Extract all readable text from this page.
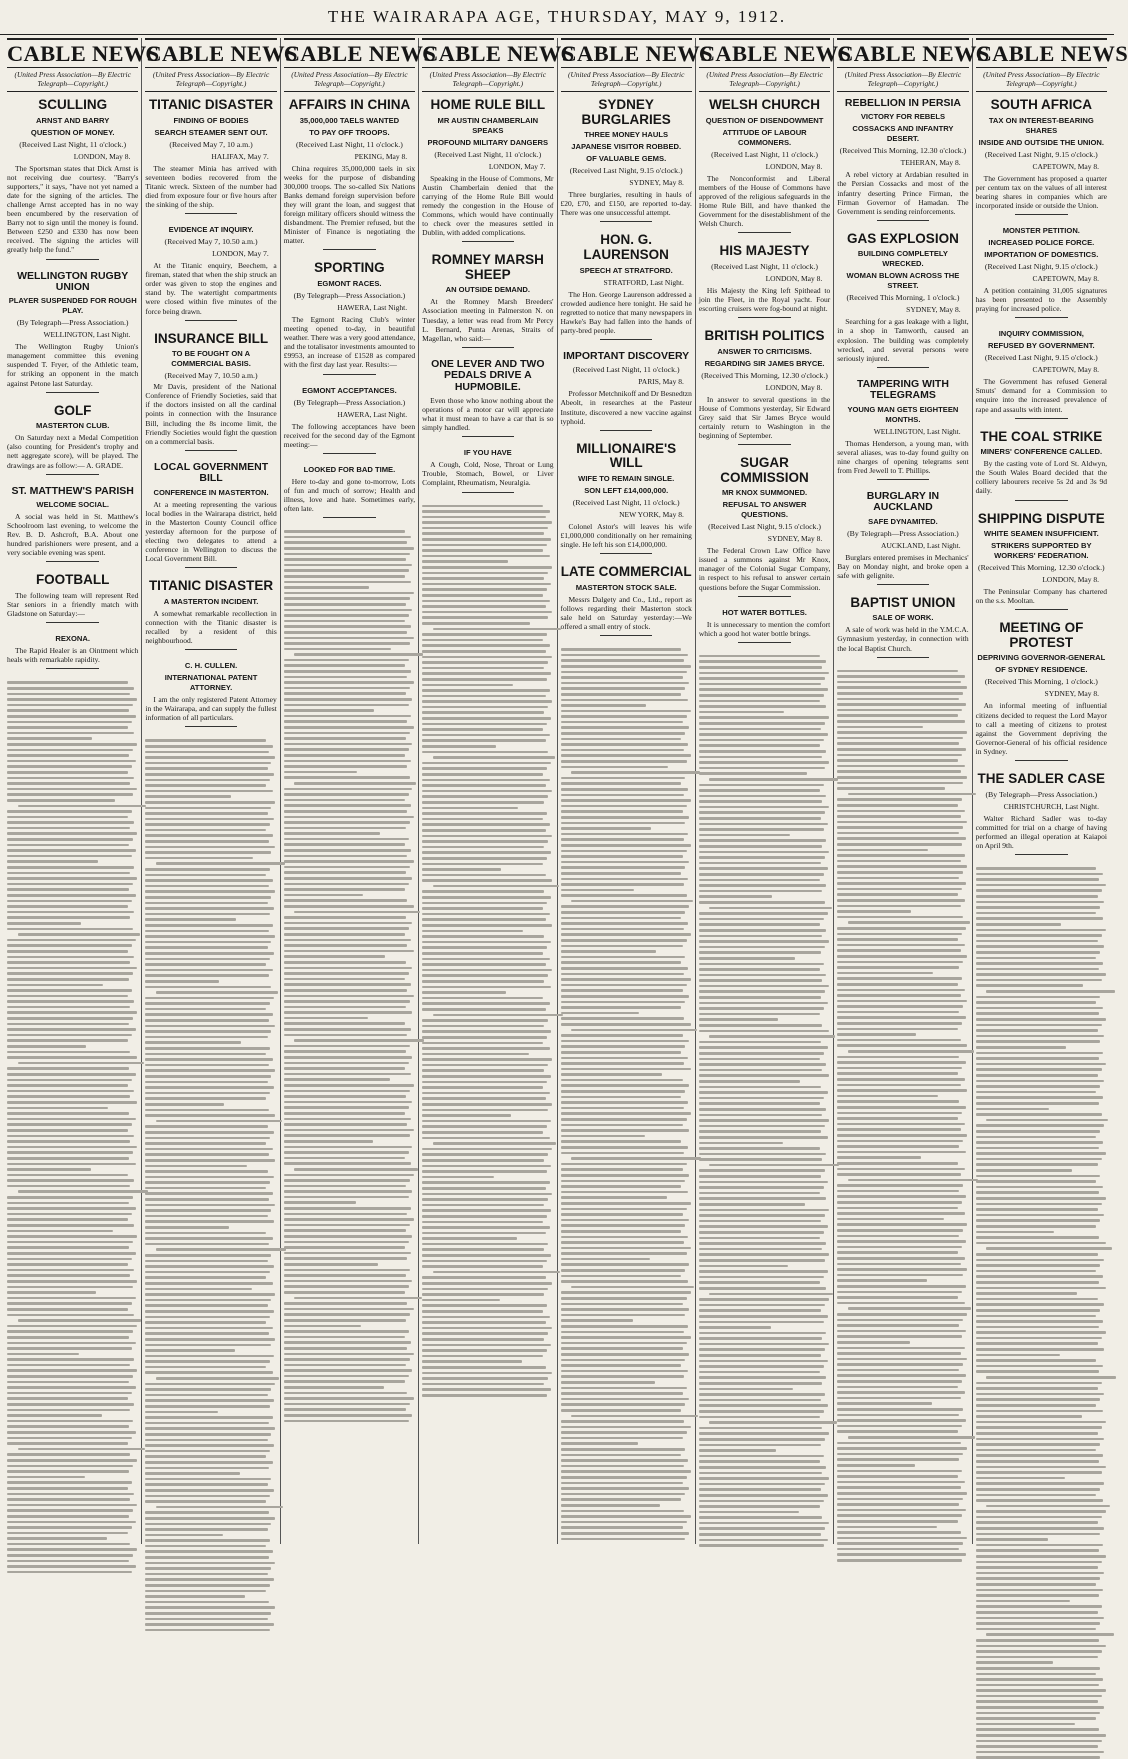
THE WAIRARAPA AGE, THURSDAY, MAY 9, 1912.
CABLE NEWS
(United Press Association—By Electric Telegraph—Copyright.)
SCULLING
ARNST AND BARRY
QUESTION OF MONEY.
(Received Last Night, 11 o'clock.)
LONDON, May 8.
The Sportsman states that Dick Arnst is not receiving due courtesy. "Barry's supporters," it says, "have not yet named a date for the signing of the articles. The challenge Arnst accepted has in no way been encumbered by the reservation of Barry not to sign until the money is found. Between £250 and £330 has now been received. The signing the articles will greatly help the fund."
WELLINGTON RUGBY UNION
PLAYER SUSPENDED FOR ROUGH PLAY.
(By Telegraph—Press Association.)
WELLINGTON, Last Night.
The Wellington Rugby Union's management committee this evening suspended T. Fryer, of the Athletic team, for striking an opponent in the match against Petone last Saturday.
GOLF
MASTERTON CLUB.
On Saturday next a Medal Competition (also counting for President's trophy and nett aggregate score), will be played. The drawings are as follow:— A. GRADE.
ST. MATTHEW'S PARISH
WELCOME SOCIAL.
A social was held in St. Matthew's Schoolroom last evening, to welcome the Rev. B. D. Ashcroft, B.A. About one hundred parishioners were present, and a very sociable evening was spent.
FOOTBALL
The following team will represent Red Star seniors in a friendly match with Gladstone on Saturday:—
REXONA.
The Rapid Healer is an Ointment which heals with remarkable rapidity.
CABLE NEWS
(United Press Association—By Electric Telegraph—Copyright.)
TITANIC DISASTER
FINDING OF BODIES
SEARCH STEAMER SENT OUT.
(Received May 7, 10 a.m.)
HALIFAX, May 7.
The steamer Minia has arrived with seventeen bodies recovered from the Titanic wreck. Sixteen of the number had died from exposure four or five hours after the sinking of the ship.
EVIDENCE AT INQUIRY.
(Received May 7, 10.50 a.m.)
LONDON, May 7.
At the Titanic enquiry, Beechem, a fireman, stated that when the ship struck an order was given to stop the engines and stand by. The watertight compartments were closed within five minutes of the force being drawn.
INSURANCE BILL
TO BE FOUGHT ON A COMMERCIAL BASIS.
(Received May 7, 10.50 a.m.)
Mr Davis, president of the National Conference of Friendly Societies, said that if the doctors insisted on all the cardinal points in connection with the Insurance Bill, including the 8s income limit, the Friendly Societies would fight the question on a commercial basis.
LOCAL GOVERNMENT BILL
CONFERENCE IN MASTERTON.
At a meeting representing the various local bodies in the Wairarapa district, held in the Masterton County Council office yesterday afternoon for the purpose of electing two delegates to attend a conference in Wellington to discuss the Local Government Bill.
TITANIC DISASTER
A MASTERTON INCIDENT.
A somewhat remarkable recollection in connection with the Titanic disaster is recalled by a resident of this neighbourhood.
C. H. CULLEN.
INTERNATIONAL PATENT ATTORNEY.
I am the only registered Patent Attorney in the Wairarapa, and can supply the fullest information of all particulars.
CABLE NEWS
(United Press Association—By Electric Telegraph—Copyright.)
AFFAIRS IN CHINA
35,000,000 TAELS WANTED
TO PAY OFF TROOPS.
(Received Last Night, 11 o'clock.)
PEKING, May 8.
China requires 35,000,000 taels in six weeks for the purpose of disbanding 300,000 troops. The so-called Six Nations Banks demand foreign supervision before they will grant the loan, and suggest that foreign military officers should witness the disbandment. The Premier refused, but the Minister of Finance is negotiating the matter.
SPORTING
EGMONT RACES.
(By Telegraph—Press Association.)
HAWERA, Last Night.
The Egmont Racing Club's winter meeting opened to-day, in beautiful weather. There was a very good attendance, and the totalisator investments amounted to £9953, an increase of £1528 as compared with the first day last year. Results:—
EGMONT ACCEPTANCES.
(By Telegraph—Press Association.)
HAWERA, Last Night.
The following acceptances have been received for the second day of the Egmont meeting:—
LOOKED FOR BAD TIME.
Here to-day and gone to-morrow, Lots of fun and much of sorrow; Health and illness, love and hate. Sometimes early, often late.
CABLE NEWS
(United Press Association—By Electric Telegraph—Copyright.)
HOME RULE BILL
MR AUSTIN CHAMBERLAIN SPEAKS
PROFOUND MILITARY DANGERS
(Received Last Night, 11 o'clock.)
LONDON, May 7.
Speaking in the House of Commons, Mr Austin Chamberlain denied that the carrying of the Home Rule Bill would remedy the congestion in the House of Commons, which would have continually to check over the measures settled in Dublin, with added complications.
ROMNEY MARSH SHEEP
AN OUTSIDE DEMAND.
At the Romney Marsh Breeders' Association meeting in Palmerston N. on Tuesday, a letter was read from Mr Percy L. Bernard, Punta Arenas, Straits of Magellan, who said:—
ONE LEVER AND TWO PEDALS DRIVE A HUPMOBILE.
Even those who know nothing about the operations of a motor car will appreciate what it must mean to have a car that is so simply handled.
IF YOU HAVE
A Cough, Cold, Nose, Throat or Lung Trouble, Stomach, Bowel, or Liver Complaint, Rheumatism, Neuralgia.
CABLE NEWS
(United Press Association—By Electric Telegraph—Copyright.)
SYDNEY BURGLARIES
THREE MONEY HAULS
JAPANESE VISITOR ROBBED.
OF VALUABLE GEMS.
(Received Last Night, 9.15 o'clock.)
SYDNEY, May 8.
Three burglaries, resulting in hauls of £20, £70, and £150, are reported to-day. There was one unsuccessful attempt.
HON. G. LAURENSON
SPEECH AT STRATFORD.
STRATFORD, Last Night.
The Hon. George Laurenson addressed a crowded audience here tonight. He said he regretted to notice that many newspapers in Hawke's Bay had fallen into the hands of party-bred people.
IMPORTANT DISCOVERY
(Received Last Night, 11 o'clock.)
PARIS, May 8.
Professor Metchnikoff and Dr Besnedtzn Abeolt, in researches at the Pasteur Institute, discovered a new vaccine against typhoid.
MILLIONAIRE'S WILL
WIFE TO REMAIN SINGLE.
SON LEFT £14,000,000.
(Received Last Night, 11 o'clock.)
NEW YORK, May 8.
Colonel Astor's will leaves his wife £1,000,000 conditionally on her remaining single. He left his son £14,000,000.
LATE COMMERCIAL
MASTERTON STOCK SALE.
Messrs Dalgety and Co., Ltd., report as follows regarding their Masterton stock sale held on Saturday yesterday:—We offered a small entry of stock.
CABLE NEWS
(United Press Association—By Electric Telegraph—Copyright.)
WELSH CHURCH
QUESTION OF DISENDOWMENT
ATTITUDE OF LABOUR COMMONERS.
(Received Last Night, 11 o'clock.)
LONDON, May 8.
The Nonconformist and Liberal members of the House of Commons have approved of the religious safeguards in the Home Rule Bill, and have thanked the Government for the disestablishment of the Welsh Church.
HIS MAJESTY
(Received Last Night, 11 o'clock.)
LONDON, May 8.
His Majesty the King left Spithead to join the Fleet, in the Royal yacht. Four escorting cruisers were fog-bound at night.
BRITISH POLITICS
ANSWER TO CRITICISMS.
REGARDING SIR JAMES BRYCE.
(Received This Morning, 12.30 o'clock.)
LONDON, May 8.
In answer to several questions in the House of Commons yesterday, Sir Edward Grey said that Sir James Bryce would certainly return to Washington in the beginning of September.
SUGAR COMMISSION
MR KNOX SUMMONED.
REFUSAL TO ANSWER QUESTIONS.
(Received Last Night, 9.15 o'clock.)
SYDNEY, May 8.
The Federal Crown Law Office have issued a summons against Mr Knox, manager of the Colonial Sugar Company, in respect to his refusal to answer certain questions before the Sugar Commission.
HOT WATER BOTTLES.
It is unnecessary to mention the comfort which a good hot water bottle brings.
CABLE NEWS
(United Press Association—By Electric Telegraph—Copyright.)
REBELLION IN PERSIA
VICTORY FOR REBELS
COSSACKS AND INFANTRY DESERT.
(Received This Morning, 12.30 o'clock.)
TEHERAN, May 8.
A rebel victory at Ardabian resulted in the Persian Cossacks and most of the infantry deserting Prince Firman, the Firman Governor of Hamadan. The Government is sending reinforcements.
GAS EXPLOSION
BUILDING COMPLETELY WRECKED.
WOMAN BLOWN ACROSS THE STREET.
(Received This Morning, 1 o'clock.)
SYDNEY, May 8.
Searching for a gas leakage with a light, in a shop in Tamworth, caused an explosion. The building was completely wrecked, and several persons were seriously injured.
TAMPERING WITH TELEGRAMS
YOUNG MAN GETS EIGHTEEN MONTHS.
WELLINGTON, Last Night.
Thomas Henderson, a young man, with several aliases, was to-day found guilty on nine charges of opening telegrams sent from Fred Jewell to T. Phillips.
BURGLARY IN AUCKLAND
SAFE DYNAMITED.
(By Telegraph—Press Association.)
AUCKLAND, Last Night.
Burglars entered premises in Mechanics' Bay on Monday night, and broke open a safe with gelignite.
BAPTIST UNION
SALE OF WORK.
A sale of work was held in the Y.M.C.A. Gymnasium yesterday, in connection with the local Baptist Church.
CABLE NEWS
(United Press Association—By Electric Telegraph—Copyright.)
SOUTH AFRICA
TAX ON INTEREST-BEARING SHARES
INSIDE AND OUTSIDE THE UNION.
(Received Last Night, 9.15 o'clock.)
CAPETOWN, May 8.
The Government has proposed a quarter per centum tax on the values of all interest bearing shares in companies which are incorporated inside or outside the Union.
MONSTER PETITION.
INCREASED POLICE FORCE.
IMPORTATION OF DOMESTICS.
(Received Last Night, 9.15 o'clock.)
CAPETOWN, May 8.
A petition containing 31,005 signatures has been presented to the Assembly praying for increased police.
INQUIRY COMMISSION,
REFUSED BY GOVERNMENT.
(Received Last Night, 9.15 o'clock.)
CAPETOWN, May 8.
The Government has refused General Smuts' demand for a Commission to enquire into the increased prevalence of rape and assaults with intent.
THE COAL STRIKE
MINERS' CONFERENCE CALLED.
By the casting vote of Lord St. Aldwyn, the South Wales Board decided that the colliery labourers receive 5s 2d and 3s 9d daily.
SHIPPING DISPUTE
WHITE SEAMEN INSUFFICIENT.
STRIKERS SUPPORTED BY WORKERS' FEDERATION.
(Received This Morning, 12.30 o'clock.)
LONDON, May 8.
The Peninsular Company has chartered on the s.s. Mooltan.
MEETING OF PROTEST
DEPRIVING GOVERNOR-GENERAL
OF SYDNEY RESIDENCE.
(Received This Morning, 1 o'clock.)
SYDNEY, May 8.
An informal meeting of influential citizens decided to request the Lord Mayor to call a meeting of citizens to protest against the Government depriving the Governor-General of his official residence in Sydney.
THE SADLER CASE
(By Telegraph—Press Association.)
CHRISTCHURCH, Last Night.
Walter Richard Sadler was to-day committed for trial on a charge of having performed an illegal operation at Kaiapoi on April 9th.
